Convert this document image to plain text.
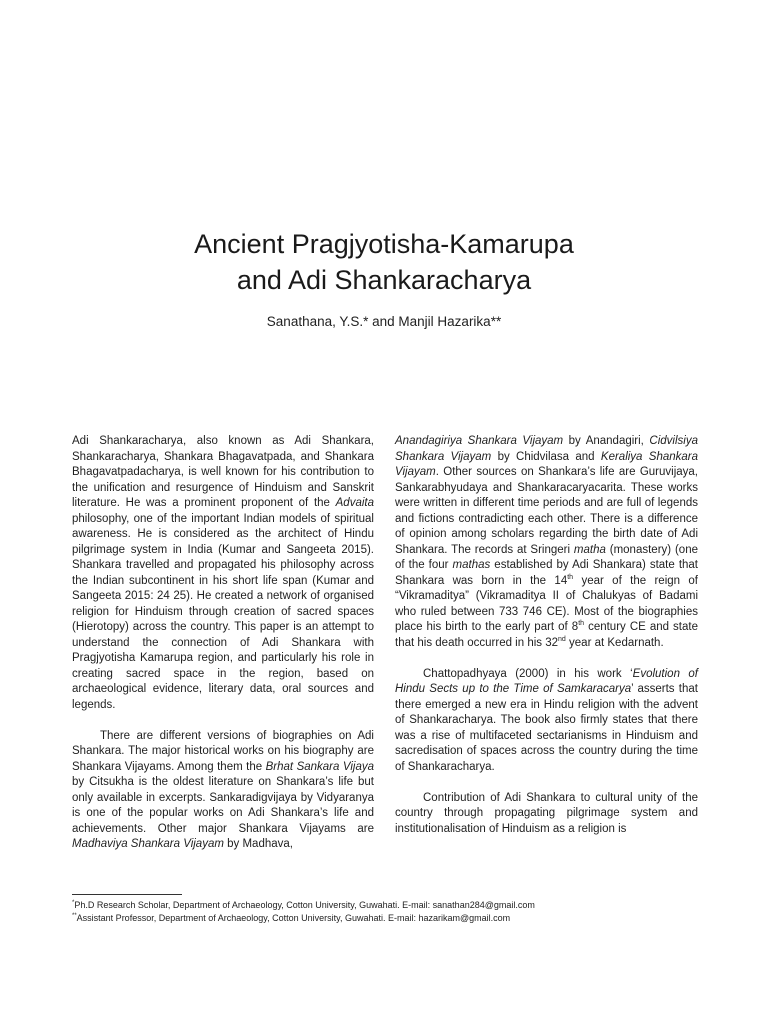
Ancient Pragjyotisha-Kamarupa
and Adi Shankaracharya

Sanathana, Y.S.* and Manjil Hazarika**

Adi Shankaracharya, also known as Adi Shankara, Shankaracharya, Shankara Bhagavatpada, and Shankara Bhagavatpadacharya, is well known for his contribution to the unification and resurgence of Hinduism and Sanskrit literature. He was a prominent proponent of the Advaita philosophy, one of the important Indian models of spiritual awareness. He is considered as the architect of Hindu pilgrimage system in India (Kumar and Sangeeta 2015). Shankara travelled and propagated his philosophy across the Indian subcontinent in his short life span (Kumar and Sangeeta 2015: 24 25). He created a network of organised religion for Hinduism through creation of sacred spaces (Hierotopy) across the country. This paper is an attempt to understand the connection of Adi Shankara with Pragjyotisha Kamarupa region, and particularly his role in creating sacred space in the region, based on archaeological evidence, literary data, oral sources and legends.

There are different versions of biographies on Adi Shankara. The major historical works on his biography are Shankara Vijayams. Among them the Brhat Sankara Vijaya by Citsukha is the oldest literature on Shankara’s life but only available in excerpts. Sankaradigvijaya by Vidyaranya is one of the popular works on Adi Shankara’s life and achievements. Other major Shankara Vijayams are Madhaviya Shankara Vijayam by Madhava,

Anandagiriya Shankara Vijayam by Anandagiri, Cidvilsiya Shankara Vijayam by Chidvilasa and Keraliya Shankara Vijayam. Other sources on Shankara’s life are Guruvijaya, Sankarabhyudaya and Shankaracaryacarita. These works were written in different time periods and are full of legends and fictions contradicting each other. There is a difference of opinion among scholars regarding the birth date of Adi Shankara. The records at Sringeri matha (monastery) (one of the four mathas established by Adi Shankara) state that Shankara was born in the 14th year of the reign of “Vikramaditya” (Vikramaditya II of Chalukyas of Badami who ruled between 733 746 CE). Most of the biographies place his birth to the early part of 8th century CE and state that his death occurred in his 32nd year at Kedarnath.

Chattopadhyaya (2000) in his work ‘Evolution of Hindu Sects up to the Time of Samkaracarya’ asserts that there emerged a new era in Hindu religion with the advent of Shankaracharya. The book also firmly states that there was a rise of multifaceted sectarianisms in Hinduism and sacredisation of spaces across the country during the time of Shankaracharya.

Contribution of Adi Shankara to cultural unity of the country through propagating pilgrimage system and institutionalisation of Hinduism as a religion is

*Ph.D Research Scholar, Department of Archaeology, Cotton University, Guwahati. E-mail: sanathan284@gmail.com
**Assistant Professor, Department of Archaeology, Cotton University, Guwahati. E-mail: hazarikam@gmail.com
